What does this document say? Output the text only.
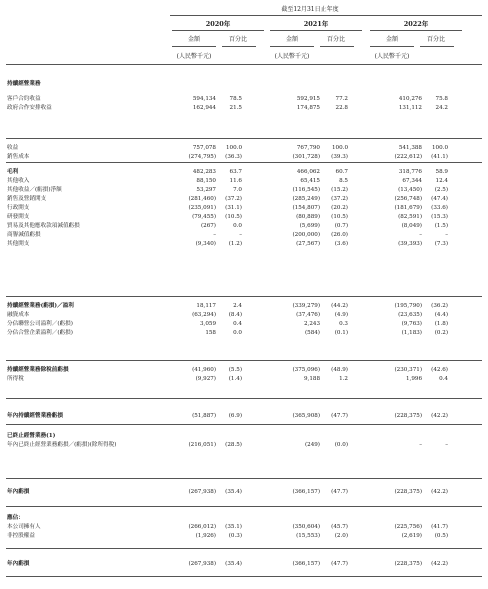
截至12月31日止年度
2020年	2021年	2022年
金額	百分比	金額	百分比	金額	百分比
(人民幣千元)	(人民幣千元)	(人民幣千元)
持續經營業務
客戶合約收益	594,134 78.5	592,915	77.2	410,276 75.8
政府合作安排收益	162,944 21.5	174,875	22.8	131,112 24.2
收益	757,078 100.0	767,790 100.0	541,388 100.0
銷售成本	(274,795) (36.3)	(301,728) (39.3)	(222,612) (41.1)
毛利	482,283 63.7	466,062	60.7	318,776 58.9
其他收入	88,150 11.6	65,415	8.5	67,344 12.4
其他收益／(虧損)淨額	53,297	7.0	(116,545) (15.2)	(13,450) (2.5)
銷售及營銷開支	(281,460) (37.2)	(285,249) (37.2)	(256,748) (47.4)
行政開支	(235,091) (31.1)	(154,807) (20.2)	(181,679) (33.6)
研發開支	(79,455) (10.5)	(80,889) (10.5)	(82,591) (15.3)
貿易及其他應收款項減值虧損	(267)	0.0	(5,699)	(0.7)	(8,049) (1.5)
商譽減值虧損	–	–	(200,000) (26.0)	–	–
其他開支	(9,340) (1.2)	(27,567)	(3.6)	(39,393) (7.3)
持續經營業務(虧損)／溢利	18,117	2.4	(339,279) (44.2)	(195,790) (36.2)
融資成本	(63,294) (8.4)	(37,476)	(4.9)	(23,635) (4.4)
分佔聯營公司溢利／(虧損)	3,059	0.4	2,243	0.3	(9,763) (1.8)
分佔合營企業溢利／(虧損)	158	0.0	(584)	(0.1)	(1,183) (0.2)
持續經營業務除稅前虧損	(41,960) (5.5)	(375,096) (48.9)	(230,371) (42.6)
所得稅	(9,927) (1.4)	9,188	1.2	1,996	0.4
年內持續經營業務虧損	(51,887) (6.9)	(365,908) (47.7)	(228,375) (42.2)
已終止經營業務(1)
年內已終止經營業務虧損／(虧損)(除所得稅)	(216,051) (28.5)	(249)	(0.0)	–	–
年內虧損	(267,938) (35.4)	(366,157) (47.7)	(228,375) (42.2)
應佔：
本公司擁有人	(266,012) (35.1)	(350,604) (45.7)	(225,756) (41.7)
非控股權益	(1,926) (0.3)	(15,553)	(2.0)	(2,619) (0.5)
年內虧損	(267,938) (35.4)	(366,157) (47.7)	(228,375) (42.2)
